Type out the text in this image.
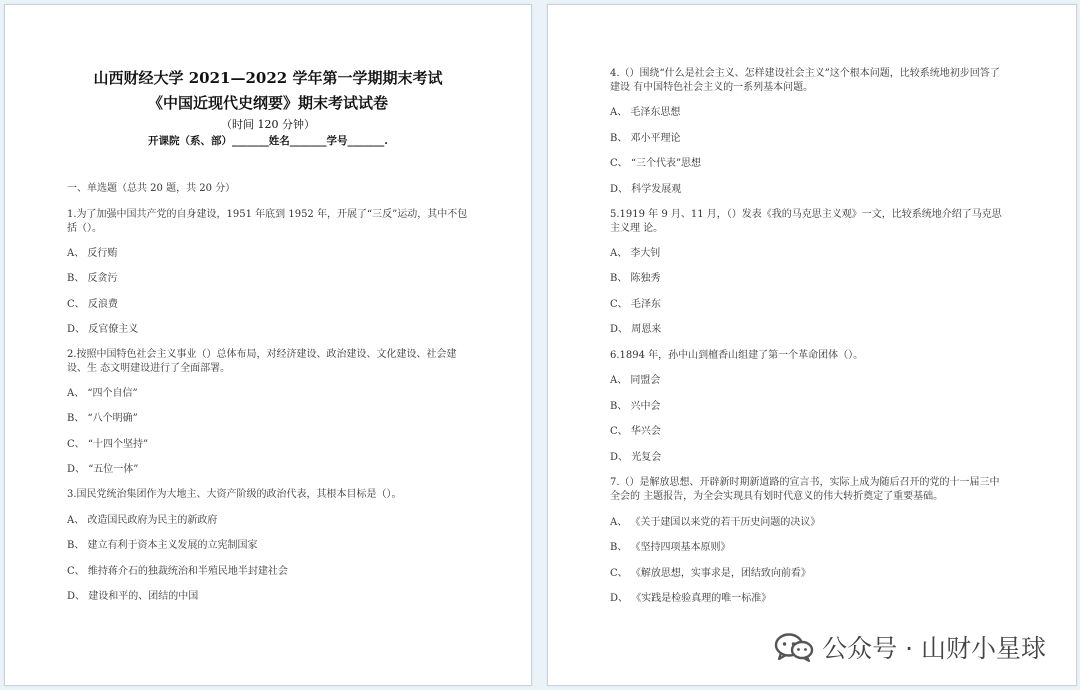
山西财经大学 2021—2022 学年第一学期期末考试
《中国近现代史纲要》期末考试试卷
（时间 120 分钟）
开课院（系、部）_______姓名_______学号_______.
一、单选题（总共 20 题，共 20 分）
1.为了加强中国共产党的自身建设，1951 年底到 1952 年，开展了“三反”运动，其中不包
括（）。
A、 反行贿
B、 反贪污
C、 反浪费
D、 反官僚主义
2.按照中国特色社会主义事业（）总体布局，对经济建设、政治建设、文化建设、社会建
设、生 态文明建设进行了全面部署。
A、 “四个自信”
B、 “八个明确”
C、 “十四个坚持”
D、 “五位一体”
3.国民党统治集团作为大地主、大资产阶级的政治代表，其根本目标是（）。
A、 改造国民政府为民主的新政府
B、 建立有利于资本主义发展的立宪制国家
C、 维持蒋介石的独裁统治和半殖民地半封建社会
D、 建设和平的、团结的中国
4.（）围绕“什么是社会主义、怎样建设社会主义”这个根本问题，比较系统地初步回答了
建设 有中国特色社会主义的一系列基本问题。
A、 毛泽东思想
B、 邓小平理论
C、 “三个代表”思想
D、 科学发展观
5.1919 年 9 月、11 月，（）发表《我的马克思主义观》一文，比较系统地介绍了马克思
主义理 论。
A、 李大钊
B、 陈独秀
C、 毛泽东
D、 周恩来
6.1894 年，孙中山到檀香山组建了第一个革命团体（）。
A、 同盟会
B、 兴中会
C、 华兴会
D、 光复会
7.（）是解放思想、开辟新时期新道路的宣言书，实际上成为随后召开的党的十一届三中
全会的 主题报告，为全会实现具有划时代意义的伟大转折奠定了重要基础。
A、 《关于建国以来党的若干历史问题的决议》
B、 《坚持四项基本原则》
C、 《解放思想，实事求是，团结致向前看》
D、 《实践是检验真理的唯一标准》
公众号 · 山财小星球
